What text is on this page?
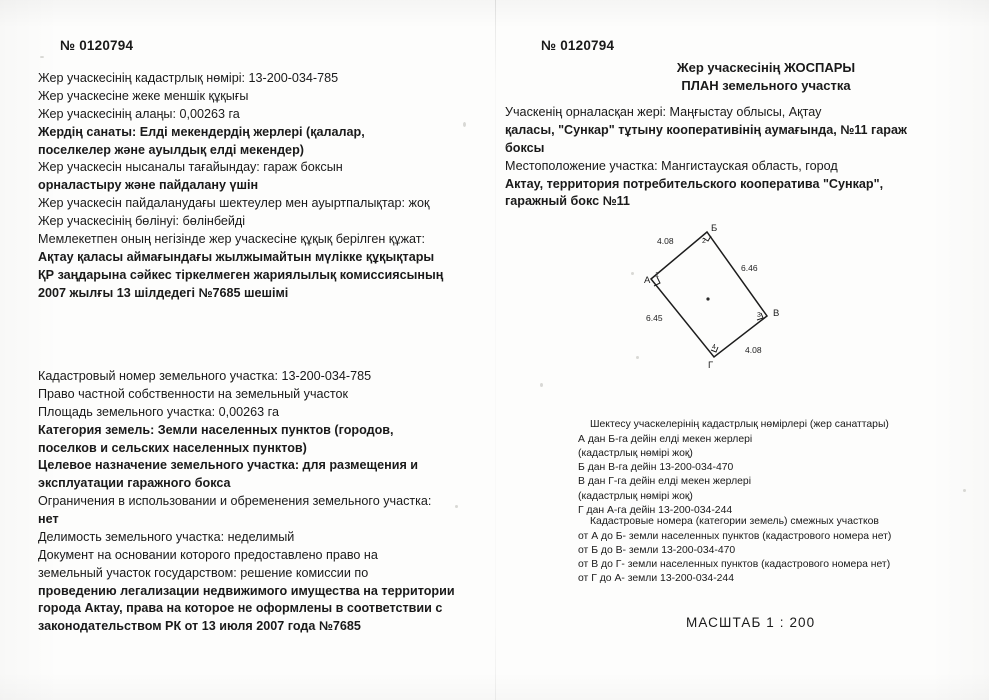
№ 0120794

Жер учаскесінің кадастрлық нөмірі: 13-200-034-785

Жер учаскесіне жеке меншік құқығы

Жер учаскесінің алаңы: 0,00263 га

Жердің санаты: Елді мекендердің жерлері (қалалар,

поселкелер және ауылдық елді мекендер)

Жер учаскесін нысаналы тағайындау: гараж боксын

орналастыру және пайдалану үшін

Жер учаскесін пайдаланудағы шектеулер мен ауыртпалықтар: жоқ

Жер учаскесінің бөлінуі: бөлінбейді

Мемлекетпен оның негізінде жер учаскесіне құқық берілген құжат:

Ақтау қаласы аймағындағы жылжымайтын мүлікке құқықтары

ҚР заңдарына сәйкес тіркелмеген жариялылық комиссиясының

2007 жылғы 13 шілдедегі №7685 шешімі

Кадастровый номер земельного участка: 13-200-034-785

Право частной собственности на земельный участок

Площадь земельного участка: 0,00263 га

Категория земель: Земли населенных пунктов (городов,

поселков и сельских населенных пунктов)

Целевое назначение земельного участка: для размещения и

эксплуатации гаражного бокса

Ограничения в использовании и обременения земельного участка:

нет

Делимость земельного участка: неделимый

Документ на основании которого предоставлено право на

земельный участок государством: решение комиссии по

проведению легализации недвижимого имущества на территории

города Актау, права на которое не оформлены в соответствии с

законодательством РК от 13 июля 2007 года №7685

№ 0120794
Жер учаскесінің ЖОСПАРЫ
ПЛАН земельного участка

Учаскенің орналасқан жері: Маңғыстау облысы, Ақтау

қаласы, "Сункар" тұтыну кооперативінің аумағында, №11 гараж

боксы

Местоположение участка: Мангистауская область, город

Актау, территория потребительского кооператива "Сункар",

гаражный бокс №11

А
Б
В
Г
1
2
3
4
4.08
6.46
6.45
4.08

Шектесу учаскелерінің кадастрлық нөмірлері (жер санаттары)

А дан Б-га дейін елді мекен жерлері

(кадастрлық нөмірі жоқ)

Б дан В-га дейін 13-200-034-470

В дан Г-га дейін елді мекен жерлері

(кадастрлық нөмірі жоқ)

Г дан А-га дейін 13-200-034-244

Кадастровые номера (категории земель) смежных участков

от А до Б- земли населенных пунктов (кадастрового номера нет)

от Б до В- земли 13-200-034-470

от В до Г- земли населенных пунктов (кадастрового номера нет)

от Г до А- земли 13-200-034-244

МАСШТАБ 1 : 200
